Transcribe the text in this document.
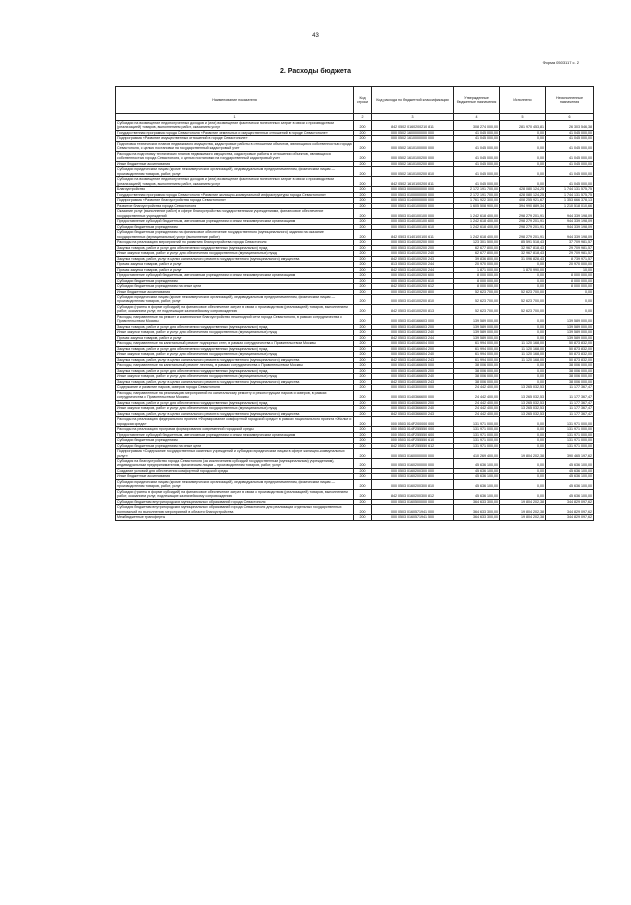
43
Форма 0503117 с. 2
2. Расходы бюджета
Наименование показателя	Код строки	Код расхода по бюджетной классификации	Утвержденные бюджетные назначения	Исполнено	Неисполненные назначения
1	2	3	4	5	6
Субсидии на возмещение недополученных доходов и (или) возмещение фактически понесенных затрат в связи с производством (реализацией) товаров, выполнением работ, оказанием услуг	200	842 0502 0160200210 811	308 274 000,00	281 970 453,81	26 303 546,38
Государственная программа города Севастополя «Развитие земельных и имущественных отношений в городе Севастополе»	200	000 0502 1600000000 000	41 045 000,00	0,00	41 045 000,00
Подпрограмма «Развитие имущественных отношений в городе Севастополе»	200	000 0502 1610000000 000	41 045 000,00	0,00	41 045 000,00
Подготовка технических планов недвижимого имущества, кадастровые работы в отношении объектов, являющихся собственностью города Севастополя, с целью постановки на государственный кадастровый учет	200	000 0502 1610100000 000	41 045 000,00	0,00	41 045 000,00
Расходы на подготовку технических планов недвижимого имущества, кадастровые работы в отношении объектов, являющихся собственностью города Севастополя, с целью постановки на государственный кадастровый учет	200	000 0502 1610100200 000	41 045 000,00	0,00	41 045 000,00
Иные бюджетные ассигнования	200	000 0502 1610100200 800	41 045 000,00	0,00	41 045 000,00
Субсидии юридическим лицам (кроме некоммерческих организаций), индивидуальным предпринимателям, физическим лицам — производителям товаров, работ, услуг	200	000 0502 1610100200 810	41 045 000,00	0,00	41 045 000,00
Субсидии на возмещение недополученных доходов и (или) возмещение фактически понесенных затрат в связи с производством (реализацией) товаров, выполнением работ, оказанием услуг	200	842 0502 1610100200 811	41 045 000,00	0,00	41 045 000,00
Благоустройство	200	000 0503 0000000000 000	2 172 191 700,00	428 080 124,25	1 744 131 575,75
Государственная программа города Севастополя «Развитие жилищно-коммунальной инфраструктуры города Севастополя»	200	000 0503 0100000000 000	2 172 191 700,00	428 080 124,25	1 744 131 575,75
Подпрограмма «Развитие благоустройства города Севастополя»	200	000 0503 0140000000 000	1 761 922 300,00	408 255 921,67	1 353 666 378,13
Развитие благоустройства города Севастополя	200	000 0503 0140100000 000	1 605 508 900,00	394 990 889,34	1 210 518 010,66
Оказание услуг (выполнение работ) в сфере благоустройства государственными учреждениями, финансовое обеспечение государственных учреждений	200	000 0503 0140100100 000	1 242 618 400,00	298 279 201,91	944 339 198,09
Предоставление субсидий бюджетным, автономным учреждениям и иным некоммерческим организациям	200	000 0503 0140100100 600	1 242 618 400,00	298 279 201,91	944 339 198,09
Субсидии бюджетным учреждениям	200	000 0503 0140100100 610	1 242 618 400,00	298 279 201,91	944 339 198,09
Субсидии бюджетным учреждениям на финансовое обеспечение государственного (муниципального) задания на оказание государственных (муниципальных) услуг (выполнение работ)	200	842 0503 0140100100 611	1 242 618 400,00	298 279 201,91	944 339 198,09
Расходы на реализацию мероприятий по развитию благоустройства города Севастополя	200	000 0503 0140100200 000	123 301 500,00	85 591 518,43	37 709 981,57
Закупка товаров, работ и услуг для обеспечения государственных (муниципальных) нужд	200	000 0503 0140100200 200	62 677 800,00	32 967 818,43	29 709 981,57
Иные закупки товаров, работ и услуг для обеспечения государственных (муниципальных) нужд	200	000 0503 0140100200 240	62 677 800,00	32 967 818,43	29 709 981,57
Закупка товаров, работ, услуг в целях капитального ремонта государственного (муниципального) имущества	200	842 0503 0140100200 243	39 836 800,00	31 096 828,43	8 739 971,57
Прочая закупка товаров, работ и услуг	200	813 0503 0140100200 244	20 970 000,00	0,00	20 970 000,00
Прочая закупка товаров, работ и услуг	200	842 0503 0140100200 244	1 871 000,00	1 870 990,00	10,00
Предоставление субсидий бюджетным, автономным учреждениям и иным некоммерческим организациям	200	000 0503 0140100200 600	8 000 000,00	0,00	8 000 000,00
Субсидии бюджетным учреждениям	200	000 0503 0140100200 610	8 000 000,00	0,00	8 000 000,00
Субсидии бюджетным учреждениям на иные цели	200	842 0503 0140100200 612	8 000 000,00	0,00	8 000 000,00
Иные бюджетные ассигнования	200	000 0503 0140100200 800	52 623 700,00	52 623 700,00	0,00
Субсидии юридическим лицам (кроме некоммерческих организаций), индивидуальным предпринимателям, физическим лицам — производителям товаров, работ, услуг	200	000 0503 0140100200 810	52 623 700,00	52 623 700,00	0,00
Субсидии (гранты в форме субсидий) на финансовое обеспечение затрат в связи с производством (реализацией) товаров, выполнением работ, оказанием услуг, не подлежащие казначейскому сопровождению	200	842 0503 0140100200 813	52 623 700,00	52 623 700,00	0,00
Расходы, направленные на ремонт и комплексное благоустройство пешеходной сети города Севастополя, в рамках сотрудничества с Правительством Москвы	200	000 0503 0140166603 000	139 589 000,00	0,00	139 589 000,00
Закупка товаров, работ и услуг для обеспечения государственных (муниципальных) нужд	200	000 0503 0140166603 200	139 589 000,00	0,00	139 589 000,00
Иные закупки товаров, работ и услуг для обеспечения государственных (муниципальных) нужд	200	000 0503 0140166603 240	139 589 000,00	0,00	139 589 000,00
Прочая закупка товаров, работ и услуг	200	842 0503 0140166603 244	139 589 000,00	0,00	139 589 000,00
Расходы, направленные на капитальный ремонт подпорных стен, в рамках сотрудничества с Правительством Москвы	200	000 0503 0140166604 000	61 994 000,00	11 120 168,00	50 873 832,00
Закупка товаров, работ и услуг для обеспечения государственных (муниципальных) нужд	200	000 0503 0140166604 200	61 994 000,00	11 120 168,00	50 873 832,00
Иные закупки товаров, работ и услуг для обеспечения государственных (муниципальных) нужд	200	000 0503 0140166604 240	61 994 000,00	11 120 168,00	50 873 832,00
Закупка товаров, работ, услуг в целях капитального ремонта государственного (муниципального) имущества	200	842 0503 0140166604 243	61 994 000,00	11 120 168,00	50 873 832,00
Расходы, направленные на капитальный ремонт лестниц, в рамках сотрудничества с Правительством Москвы	200	000 0503 0140166605 000	38 006 000,00	0,00	38 006 000,00
Закупка товаров, работ и услуг для обеспечения государственных (муниципальных) нужд	200	000 0503 0140166605 200	38 006 000,00	0,00	38 006 000,00
Иные закупки товаров, работ и услуг для обеспечения государственных (муниципальных) нужд	200	000 0503 0140166605 240	38 006 000,00	0,00	38 006 000,00
Закупка товаров, работ, услуг в целях капитального ремонта государственного (муниципального) имущества	200	842 0503 0140166605 243	38 006 000,00	0,00	38 006 000,00
Содержание и развитие парков, скверов города Севастополя	200	000 0503 0140300000 000	24 442 400,00	13 265 032,53	11 177 367,47
Расходы, направленные на реализацию мероприятий по капитальному ремонту и реконструкции парков и скверов, в рамках сотрудничества с Правительством Москвы	200	000 0503 0140366600 000	24 442 400,00	13 265 032,53	11 177 367,47
Закупка товаров, работ и услуг для обеспечения государственных (муниципальных) нужд	200	000 0503 0140366600 200	24 442 400,00	13 265 032,53	11 177 367,47
Иные закупки товаров, работ и услуг для обеспечения государственных (муниципальных) нужд	200	000 0503 0140366600 240	24 442 400,00	13 265 032,53	11 177 367,47
Закупка товаров, работ, услуг в целях капитального ремонта государственного (муниципального) имущества	200	842 0503 0140366600 243	24 442 400,00	13 265 032,53	11 177 367,47
Расходы на реализацию федерального проекта «Формирование комфортной городской среды» в рамках национального проекта «Жилье и городская среда»	200	000 0503 014F200000 000	131 971 000,00	0,00	131 971 000,00
Расходы на реализацию программ формирования современной городской среды	200	000 0503 014F255550 000	131 971 000,00	0,00	131 971 000,00
Предоставление субсидий бюджетным, автономным учреждениям и иным некоммерческим организациям	200	000 0503 014F255550 600	131 971 000,00	0,00	131 971 000,00
Субсидии бюджетным учреждениям	200	000 0503 014F255550 610	131 971 000,00	0,00	131 971 000,00
Субсидии бюджетным учреждениям на иные цели	200	842 0503 014F255550 612	131 971 000,00	0,00	131 971 000,00
Подпрограмма «Содержание государственных казенных учреждений и субсидии юридическим лицам в сфере жилищно-коммунальных услуг»	200	000 0503 0160000000 000	410 269 400,00	19 804 202,38	390 465 197,62
Субсидия на благоустройство города Севастополя (за исключением субсидий государственным (муниципальным) учреждениям), индивидуальным предпринимателям, физическим лицам – производителям товаров, работ, услуг	200	000 0503 0160200000 000	45 636 100,00	0,00	45 636 100,00
Создание условий для обеспечения комфортной городской среды	200	000 0503 0160200300 000	45 636 100,00	0,00	45 636 100,00
Иные бюджетные ассигнования	200	000 0503 0160200300 800	45 636 100,00	0,00	45 636 100,00
Субсидии юридическим лицам (кроме некоммерческих организаций), индивидуальным предпринимателям, физическим лицам — производителям товаров, работ, услуг	200	000 0503 0160200300 810	45 636 100,00	0,00	45 636 100,00
Субсидии (гранты в форме субсидий) на финансовое обеспечение затрат в связи с производством (реализацией) товаров, выполнением работ, оказанием услуг, подлежащие казначейскому сопровождению	200	842 0503 0160200300 812	45 636 100,00	0,00	45 636 100,00
Субсидии бюджетам внутригородских муниципальных образований города Севастополя	200	000 0503 0160500000 000	364 633 300,00	19 804 202,38	344 829 097,62
Субсидия бюджетам внутригородских муниципальных образований города Севастополя для реализации отдельных государственных полномочий по выполнению мероприятий в области благоустройства	200	000 0503 0160571941 000	364 633 300,00	19 804 202,38	344 829 097,62
Межбюджетные трансферты	200	000 0503 0160571941 500	364 633 300,00	19 804 202,38	344 829 097,62
